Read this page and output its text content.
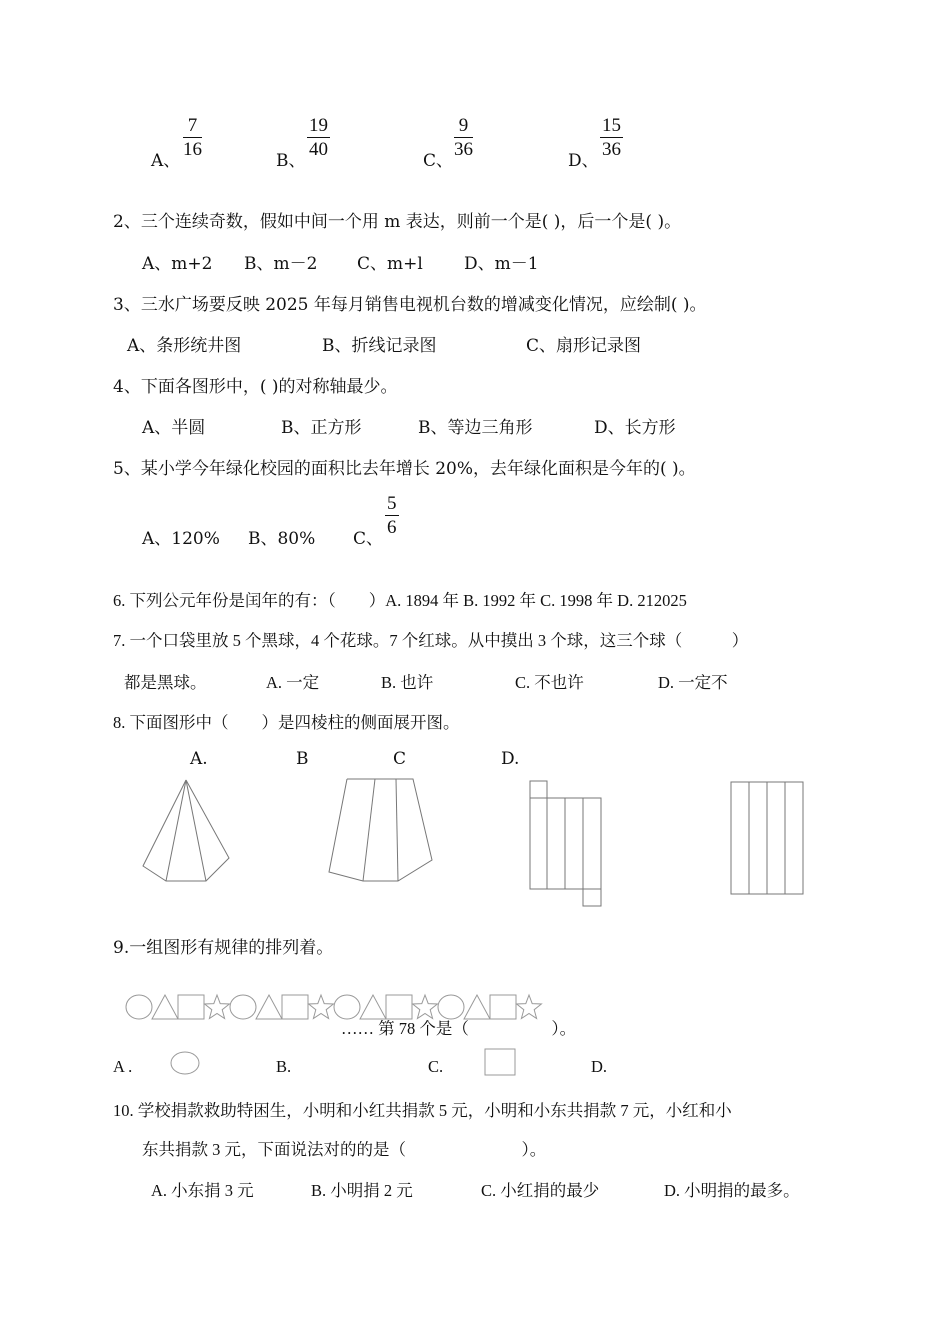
A、
$\frac{7}{16}$
B、
$\frac{19}{40}$
C、
$\frac{9}{36}$
D、
$\frac{15}{36}$
2、三个连续奇数，假如中间一个用 m 表达，则前一个是( )，后一个是( )。
A、m+2 B、m－2 C、m+l D、m－1
3、三水广场要反映 2025 年每月销售电视机台数的增减变化情况，应绘制( )。
A、条形统井图	B、折线记录图	C、扇形记录图
4、下面各图形中，( )的对称轴最少。
A、半圆	B、正方形	B、等边三角形	D、长方形
5、某小学今年绿化校园的面积比去年增长 20%，去年绿化面积是今年的( )。
A、120% B、80% C、
$\frac{5}{6}$
6. 下列公元年份是闰年的有：（　　）A. 1894 年 B. 1992 年 C. 1998 年 D. 212025
7. 一个口袋里放 5 个黑球，4 个花球。7 个红球。从中摸出 3 个球，这三个球（　　　）
都是黑球。	A. 一定	B. 也许	C. 不也许	D. 一定不
8. 下面图形中（　　）是四棱柱的侧面展开图。
A.	B	C	D.
9.一组图形有规律的排列着。
…… 第 78 个是（　　　　　）。
A .	B.	C.	D.
10. 学校捐款救助特困生，小明和小红共捐款 5 元，小明和小东共捐款 7 元，小红和小
东共捐款 3 元，下面说法对的的是（　　　　　　　）。
A. 小东捐 3 元	B. 小明捐 2 元	C. 小红捐的最少	D. 小明捐的最多。
